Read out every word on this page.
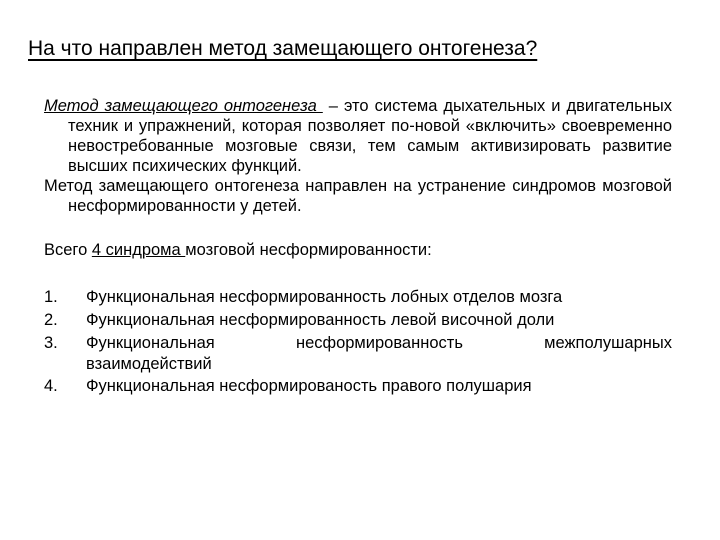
На что направлен метод замещающего онтогенеза?

Метод замещающего онтогенеза  – это система дыхательных и двигательных техник и упражнений, которая позволяет по-новой «включить» своевременно невостребованные мозговые связи, тем самым активизировать развитие высших психических функций.

Метод замещающего онтогенеза направлен на устранение синдромов мозговой несформированности у детей.

Всего 4 синдрома мозговой несформированности:

1.	Функциональная несформированность лобных отделов мозга
2.	Функциональная несформированность левой височной доли
3.	Функциональная несформированность межполушарных
взаимодействий
4.	Функциональная несформированость правого полушария
